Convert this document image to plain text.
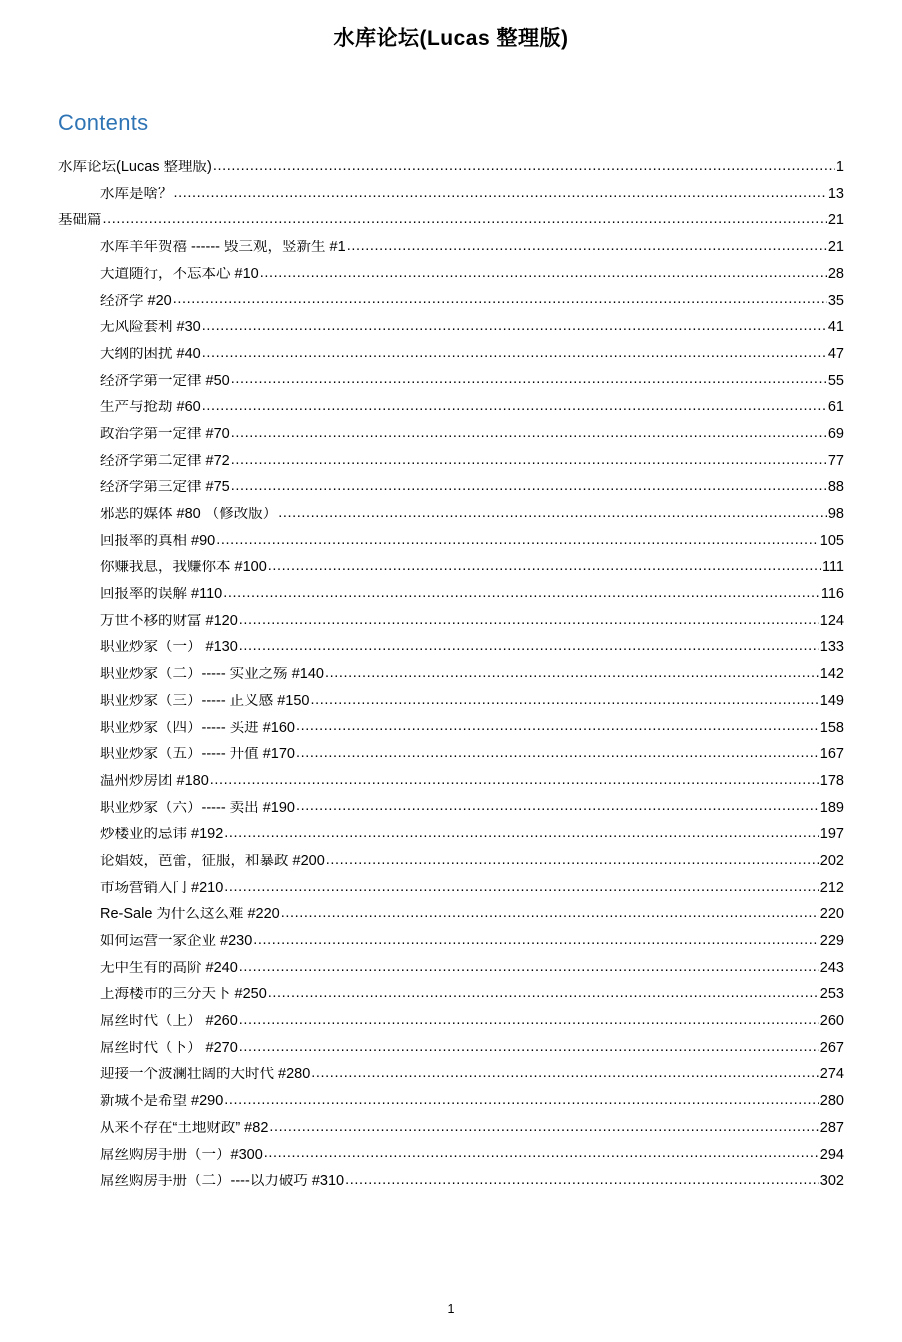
水库论坛(Lucas 整理版)
Contents
水库论坛(Lucas 整理版) .....	1
水库是啥？ .....	13
基础篇 .....	21
水库羊年贺禧 ------ 毁三观，竖新生 #1 .....	21
大道随行，不忘本心 #10 .....	28
经济学 #20 .....	35
无风险套利 #30 .....	41
大纲的困扰 #40 .....	47
经济学第一定律 #50 .....	55
生产与抢劫 #60 .....	61
政治学第一定律 #70 .....	69
经济学第二定律 #72 .....	77
经济学第三定律 #75 .....	88
邪恶的媒体 #80 （修改版） .....	98
回报率的真相 #90 .....	105
你赚我息，我赚你本 #100 .....	111
回报率的误解 #110 .....	116
万世不移的财富 #120 .....	124
职业炒家（一） #130 .....	133
职业炒家（二）----- 实业之殇 #140 .....	142
职业炒家（三）----- 正义感 #150 .....	149
职业炒家（四）----- 买进 #160 .....	158
职业炒家（五）----- 升值 #170 .....	167
温州炒房团 #180 .....	178
职业炒家（六）----- 卖出 #190 .....	189
炒楼业的忌讳 #192 .....	197
论娼妓，芭蕾，征服，和暴政 #200 .....	202
市场营销入门 #210 .....	212
Re-Sale 为什么这么难 #220 .....	220
如何运营一家企业 #230 .....	229
无中生有的高阶 #240 .....	243
上海楼市的三分天下 #250 .....	253
屌丝时代（上） #260 .....	260
屌丝时代（下） #270 .....	267
迎接一个波澜壮阔的大时代 #280 .....	274
新城不是希望 #290 .....	280
从来不存在“土地财政” #82 .....	287
屌丝购房手册（一）#300 .....	294
屌丝购房手册（二）----以力破巧 #310 .....	302
1
